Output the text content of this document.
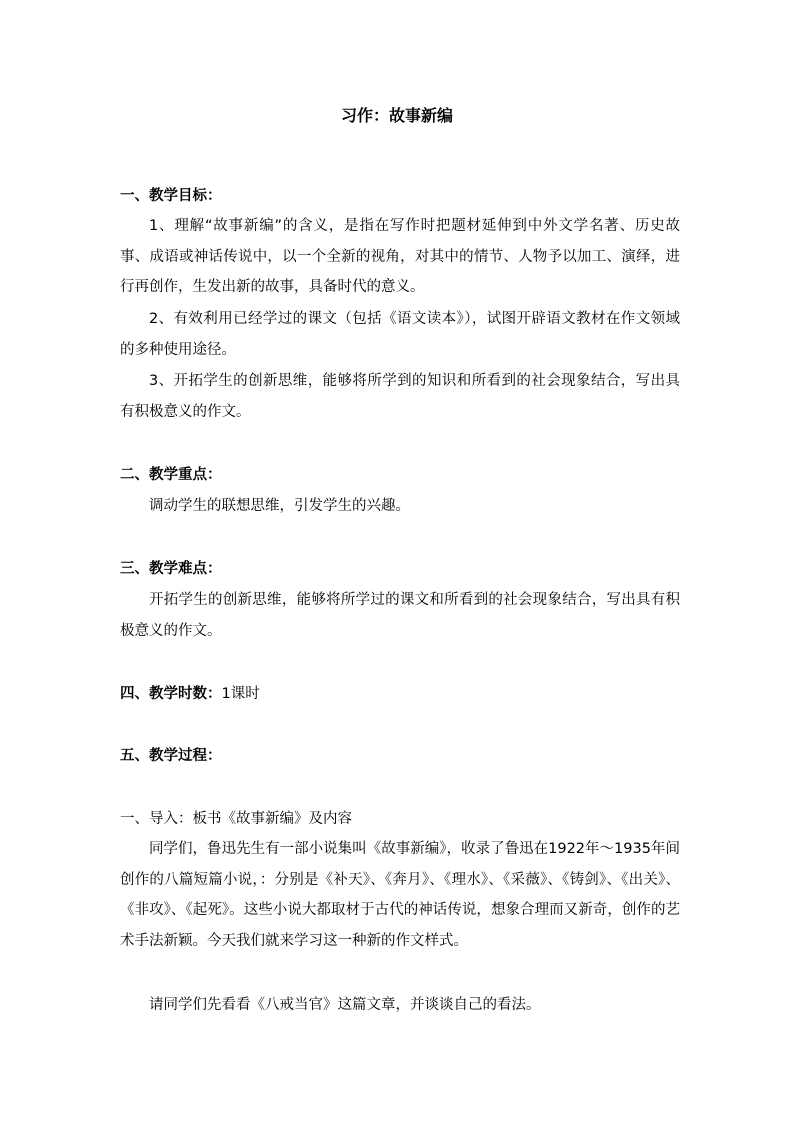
习作：故事新编
一、教学目标：
1、理解“故事新编”的含义，是指在写作时把题材延伸到中外文学名著、历史故事、成语或神话传说中，以一个全新的视角，对其中的情节、人物予以加工、演绎，进行再创作，生发出新的故事，具备时代的意义。
2、有效利用已经学过的课文（包括《语文读本》），试图开辟语文教材在作文领域的多种使用途径。
3、开拓学生的创新思维，能够将所学到的知识和所看到的社会现象结合，写出具有积极意义的作文。
二、教学重点：
调动学生的联想思维，引发学生的兴趣。
三、教学难点：
开拓学生的创新思维，能够将所学过的课文和所看到的社会现象结合，写出具有积极意义的作文。
四、教学时数：1课时
五、教学过程：
一、导入：板书《故事新编》及内容
同学们，鲁迅先生有一部小说集叫《故事新编》，收录了鲁迅在1922年～1935年间创作的八篇短篇小说，：分别是《补天》、《奔月》、《理水》、《采薇》、《铸剑》、《出关》、《非攻》、《起死》。这些小说大都取材于古代的神话传说，想象合理而又新奇，创作的艺术手法新颖。今天我们就来学习这一种新的作文样式。
请同学们先看看《八戒当官》这篇文章，并谈谈自己的看法。
